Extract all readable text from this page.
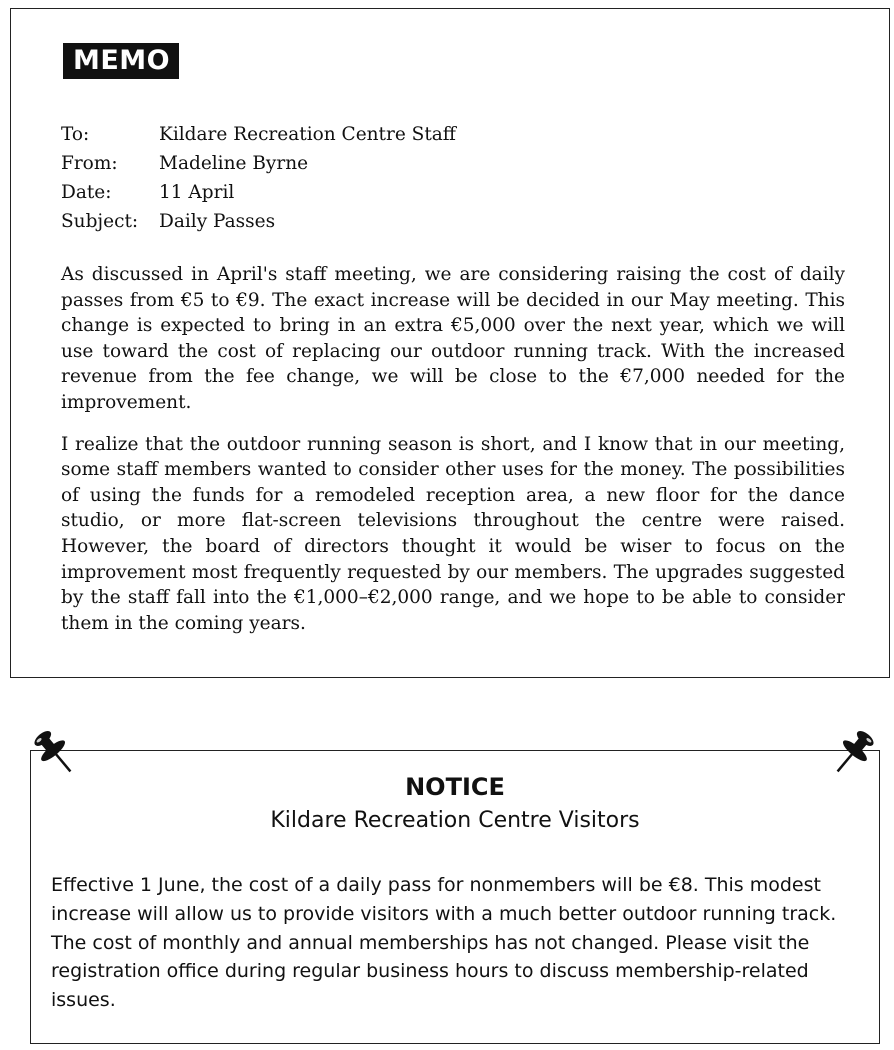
MEMO
To:	Kildare Recreation Centre Staff
From:	Madeline Byrne
Date:	11 April
Subject:	Daily Passes

As discussed in April's staff meeting, we are considering raising the cost of daily passes from €5 to €9. The exact increase will be decided in our May meeting. This change is expected to bring in an extra €5,000 over the next year, which we will use toward the cost of replacing our outdoor running track. With the increased revenue from the fee change, we will be close to the €7,000 needed for the improvement.

I realize that the outdoor running season is short, and I know that in our meeting, some staff members wanted to consider other uses for the money. The possibilities of using the funds for a remodeled reception area, a new floor for the dance studio, or more flat-screen televisions throughout the centre were raised. However, the board of directors thought it would be wiser to focus on the improvement most frequently requested by our members. The upgrades suggested by the staff fall into the €1,000–€2,000 range, and we hope to be able to consider them in the coming years.

NOTICE
Kildare Recreation Centre Visitors

Effective 1 June, the cost of a daily pass for nonmembers will be €8. This modest increase will allow us to provide visitors with a much better outdoor running track. The cost of monthly and annual memberships has not changed. Please visit the registration office during regular business hours to discuss membership-related issues.
